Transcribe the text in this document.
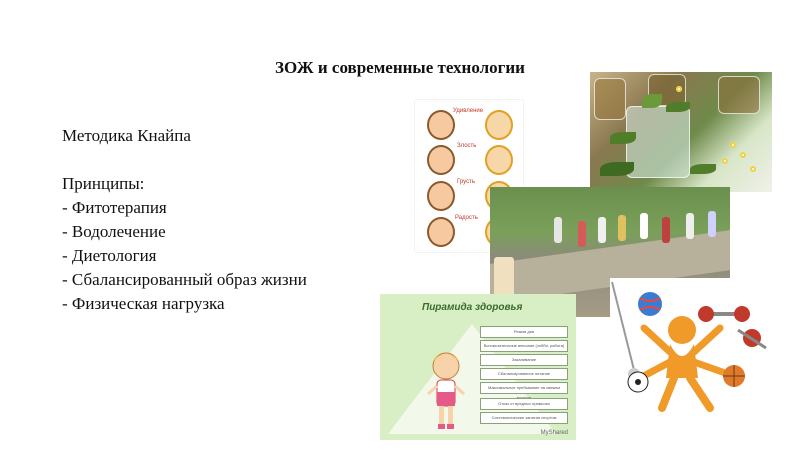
ЗОЖ и современные технологии
Методика Кнайпа
Принципы:
- Фитотерапия
- Водолечение
- Диетология
- Сбалансированный образ жизни
- Физическая нагрузка
Удивление
Злость
Грусть
Радость
Пирамида здоровья
Режим дня
Вспомогательные внешние (хобби, работа)
Закаливание
Сбалансированное питание
Максимальное пребывание на свежем
Отказ от вредных привычек
Систематические занятия спортом
MyShared
